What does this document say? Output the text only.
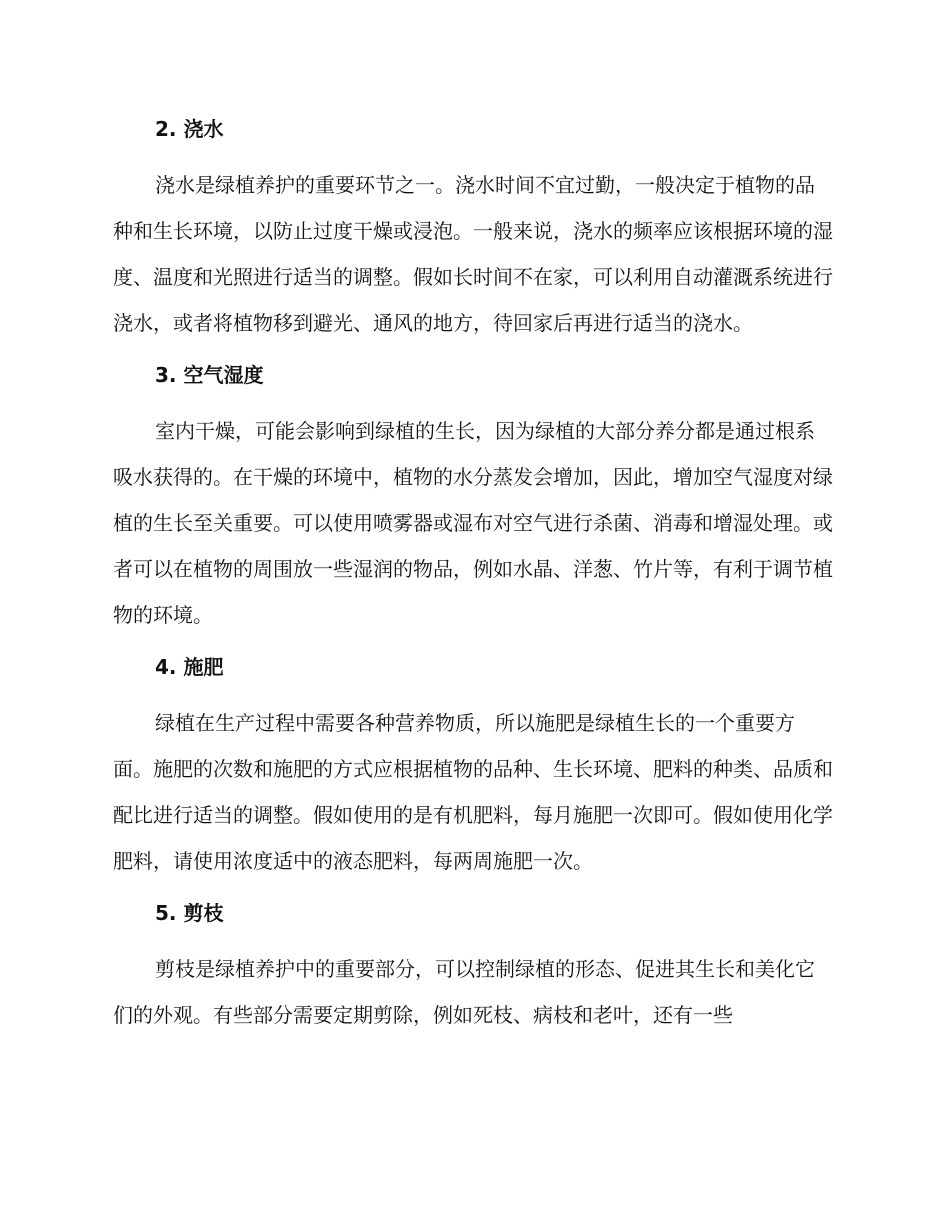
2. 浇水

浇水是绿植养护的重要环节之一。浇水时间不宜过勤，一般决定于植物的品种和生长环境，以防止过度干燥或浸泡。一般来说，浇水的频率应该根据环境的湿度、温度和光照进行适当的调整。假如长时间不在家，可以利用自动灌溉系统进行浇水，或者将植物移到避光、通风的地方，待回家后再进行适当的浇水。

3. 空气湿度

室内干燥，可能会影响到绿植的生长，因为绿植的大部分养分都是通过根系吸水获得的。在干燥的环境中，植物的水分蒸发会增加，因此，增加空气湿度对绿植的生长至关重要。可以使用喷雾器或湿布对空气进行杀菌、消毒和增湿处理。或者可以在植物的周围放一些湿润的物品，例如水晶、洋葱、竹片等，有利于调节植物的环境。

4. 施肥

绿植在生产过程中需要各种营养物质，所以施肥是绿植生长的一个重要方面。施肥的次数和施肥的方式应根据植物的品种、生长环境、肥料的种类、品质和配比进行适当的调整。假如使用的是有机肥料，每月施肥一次即可。假如使用化学肥料，请使用浓度适中的液态肥料，每两周施肥一次。

5. 剪枝

剪枝是绿植养护中的重要部分，可以控制绿植的形态、促进其生长和美化它们的外观。有些部分需要定期剪除，例如死枝、病枝和老叶，还有一些
